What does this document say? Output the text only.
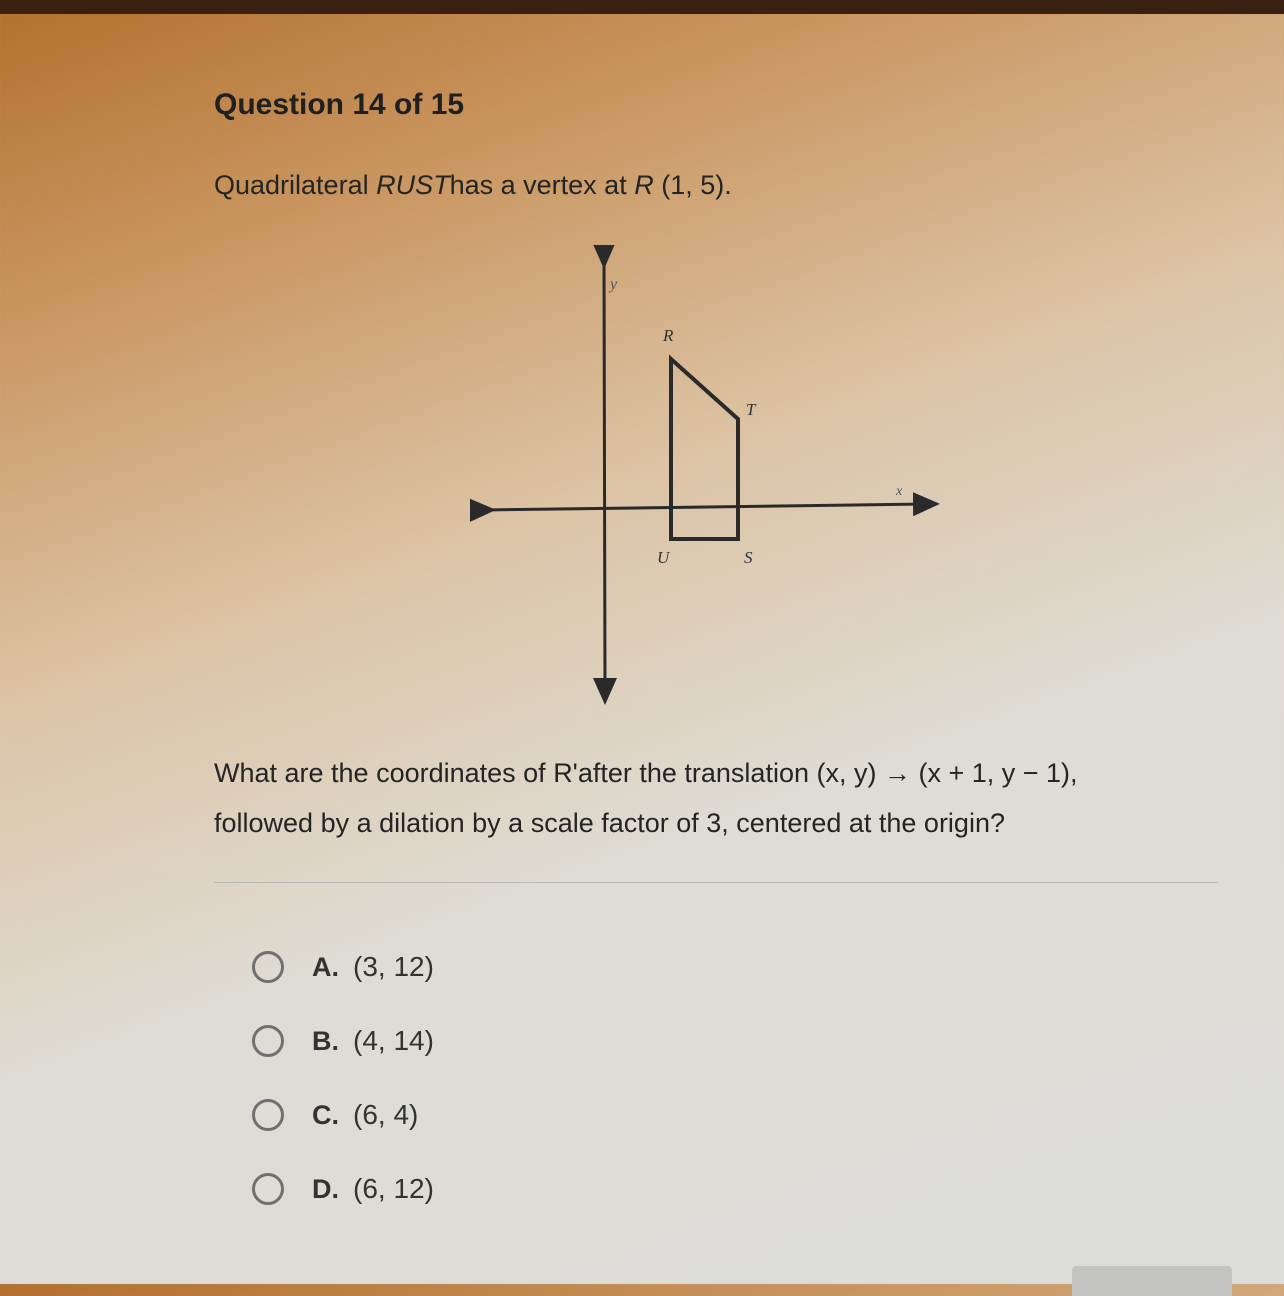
Question 14 of 15
Quadrilateral RUSThas a vertex at R (1, 5).
x
y
R
T
S
U
What are the coordinates of R'after the translation (x, y) → (x + 1, y − 1),
followed by a dilation by a scale factor of 3, centered at the origin?
A. (3, 12)
B. (4, 14)
C. (6, 4)
D. (6, 12)
